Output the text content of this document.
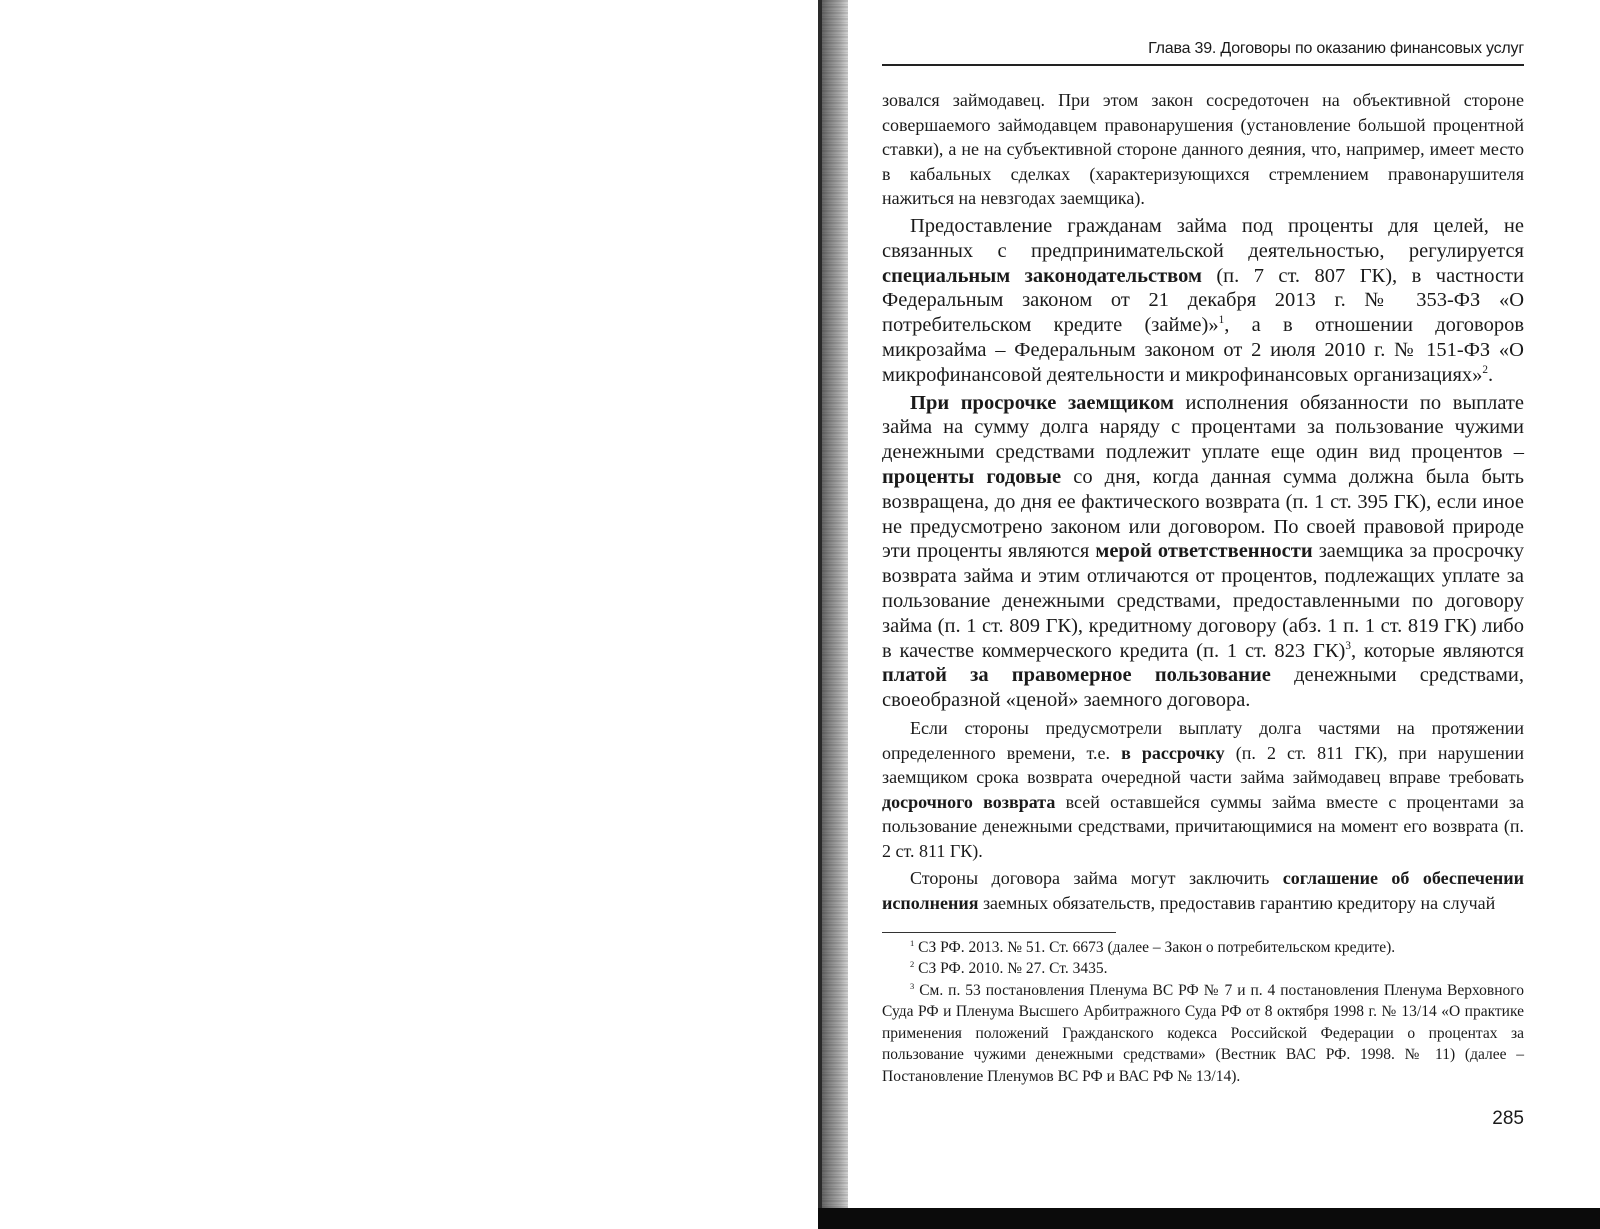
Глава 39. Договоры по оказанию финансовых услуг

зовался займодавец. При этом закон сосредоточен на объективной стороне совершаемого займодавцем правонарушения (установление большой процентной ставки), а не на субъективной стороне данного деяния, что, например, имеет место в кабальных сделках (характеризующихся стремлением правонарушителя нажиться на невзгодах заемщика).

Предоставление гражданам займа под проценты для целей, не связанных с предпринимательской деятельностью, регулируется специальным законодательством (п. 7 ст. 807 ГК), в частности Федеральным законом от 21 декабря 2013 г. № 353-ФЗ «О потребительском кредите (займе)»$^1$, а в отношении договоров микрозайма – Федеральным законом от 2 июля 2010 г. № 151-ФЗ «О микрофинансовой деятельности и микрофинансовых организациях»$^2$.

При просрочке заемщиком исполнения обязанности по выплате займа на сумму долга наряду с процентами за пользование чужими денежными средствами подлежит уплате еще один вид процентов – проценты годовые со дня, когда данная сумма должна была быть возвращена, до дня ее фактического возврата (п. 1 ст. 395 ГК), если иное не предусмотрено законом или договором. По своей правовой природе эти проценты являются мерой ответственности заемщика за просрочку возврата займа и этим отличаются от процентов, подлежащих уплате за пользование денежными средствами, предоставленными по договору займа (п. 1 ст. 809 ГК), кредитному договору (абз. 1 п. 1 ст. 819 ГК) либо в качестве коммерческого кредита (п. 1 ст. 823 ГК)$^3$, которые являются платой за правомерное пользование денежными средствами, своеобразной «ценой» заемного договора.

Если стороны предусмотрели выплату долга частями на протяжении определенного времени, т.е. в рассрочку (п. 2 ст. 811 ГК), при нарушении заемщиком срока возврата очередной части займа займодавец вправе требовать досрочного возврата всей оставшейся суммы займа вместе с процентами за пользование денежными средствами, причитающимися на момент его возврата (п. 2 ст. 811 ГК).

Стороны договора займа могут заключить соглашение об обеспечении исполнения заемных обязательств, предоставив гарантию кредитору на случай

$^1$ СЗ РФ. 2013. № 51. Ст. 6673 (далее – Закон о потребительском кредите).

$^2$ СЗ РФ. 2010. № 27. Ст. 3435.

$^3$ См. п. 53 постановления Пленума ВС РФ № 7 и п. 4 постановления Пленума Верховного Суда РФ и Пленума Высшего Арбитражного Суда РФ от 8 октября 1998 г. № 13/14 «О практике применения положений Гражданского кодекса Российской Федерации о процентах за пользование чужими денежными средствами» (Вестник ВАС РФ. 1998. № 11) (далее – Постановление Пленумов ВС РФ и ВАС РФ № 13/14).

285
